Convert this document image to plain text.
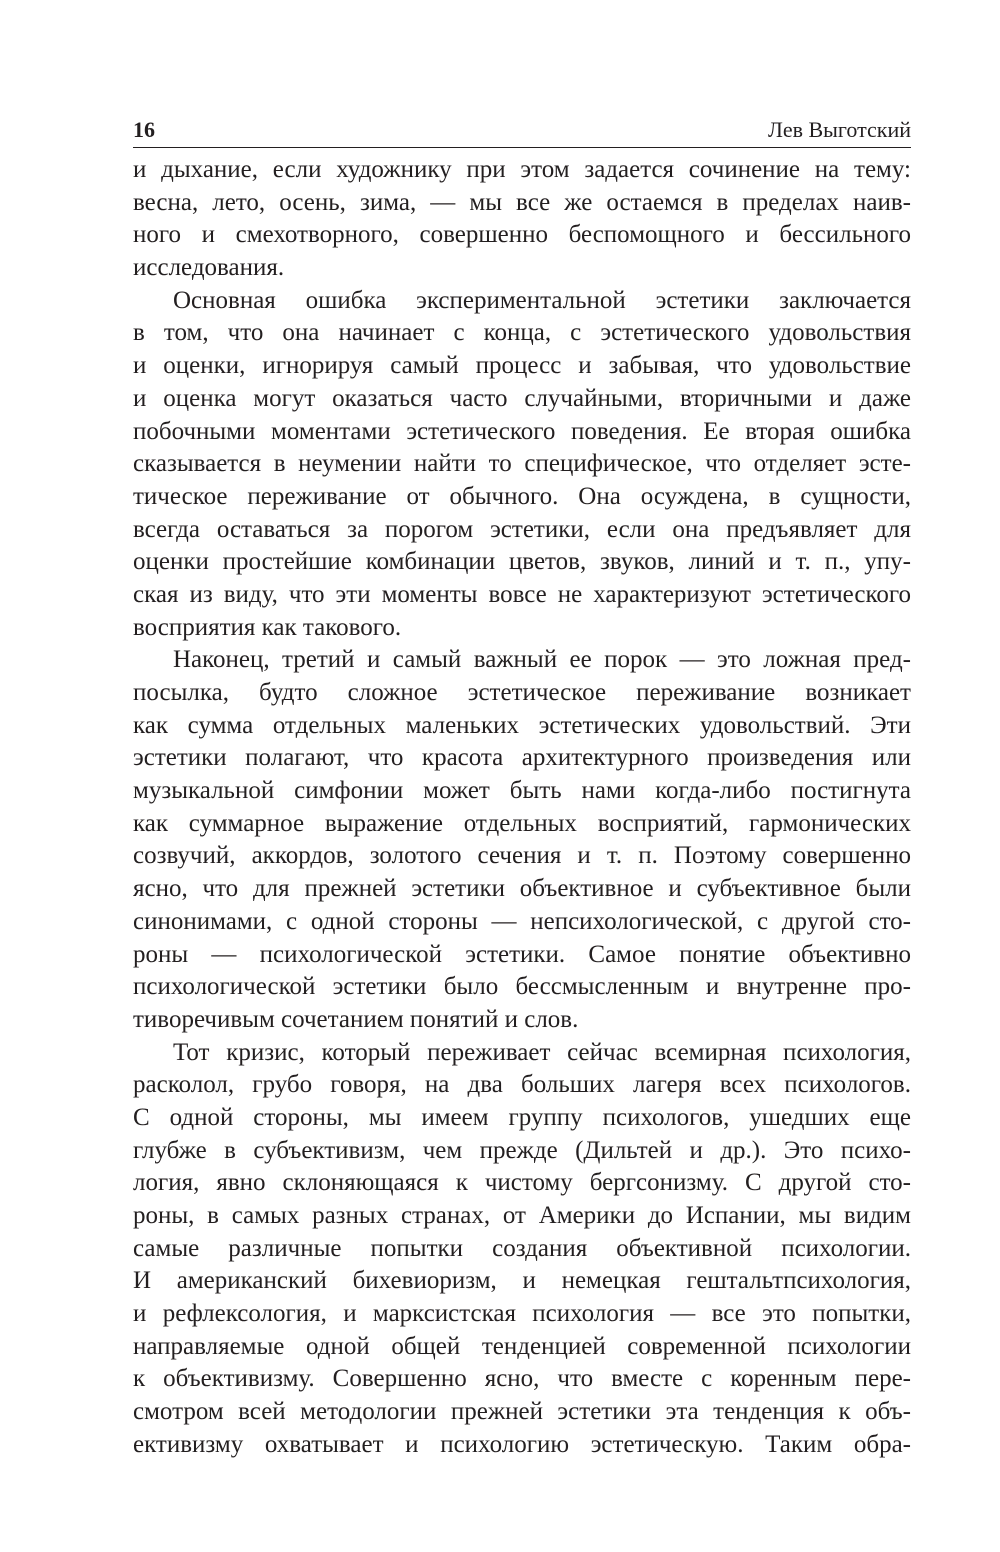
16	Лев Выготский
и дыхание, если художнику при этом задается сочинение на тему:
весна, лето, осень, зима, — мы все же остаемся в пределах наив-
ного и смехотворного, совершенно беспомощного и бессильного
исследования.
Основная ошибка экспериментальной эстетики заключается
в том, что она начинает с конца, с эстетического удовольствия
и оценки, игнорируя самый процесс и забывая, что удовольствие
и оценка могут оказаться часто случайными, вторичными и даже
побочными моментами эстетического поведения. Ее вторая ошибка
сказывается в неумении найти то специфическое, что отделяет эсте-
тическое переживание от обычного. Она осуждена, в сущности,
всегда оставаться за порогом эстетики, если она предъявляет для
оценки простейшие комбинации цветов, звуков, линий и т. п., упу-
ская из виду, что эти моменты вовсе не характеризуют эстетического
восприятия как такового.
Наконец, третий и самый важный ее порок — это ложная пред-
посылка, будто сложное эстетическое переживание возникает
как сумма отдельных маленьких эстетических удовольствий. Эти
эстетики полагают, что красота архитектурного произведения или
музыкальной симфонии может быть нами когда-либо постигнута
как суммарное выражение отдельных восприятий, гармонических
созвучий, аккордов, золотого сечения и т. п. Поэтому совершенно
ясно, что для прежней эстетики объективное и субъективное были
синонимами, с одной стороны — непсихологической, с другой сто-
роны — психологической эстетики. Самое понятие объективно
психологической эстетики было бессмысленным и внутренне про-
тиворечивым сочетанием понятий и слов.
Тот кризис, который переживает сейчас всемирная психология,
расколол, грубо говоря, на два больших лагеря всех психологов.
С одной стороны, мы имеем группу психологов, ушедших еще
глубже в субъективизм, чем прежде (Дильтей и др.). Это психо-
логия, явно склоняющаяся к чистому бергсонизму. С другой сто-
роны, в самых разных странах, от Америки до Испании, мы видим
самые различные попытки создания объективной психологии.
И американский бихевиоризм, и немецкая гештальтпсихология,
и рефлексология, и марксистская психология — все это попытки,
направляемые одной общей тенденцией современной психологии
к объективизму. Совершенно ясно, что вместе с коренным пере-
смотром всей методологии прежней эстетики эта тенденция к объ-
ективизму охватывает и психологию эстетическую. Таким обра-
